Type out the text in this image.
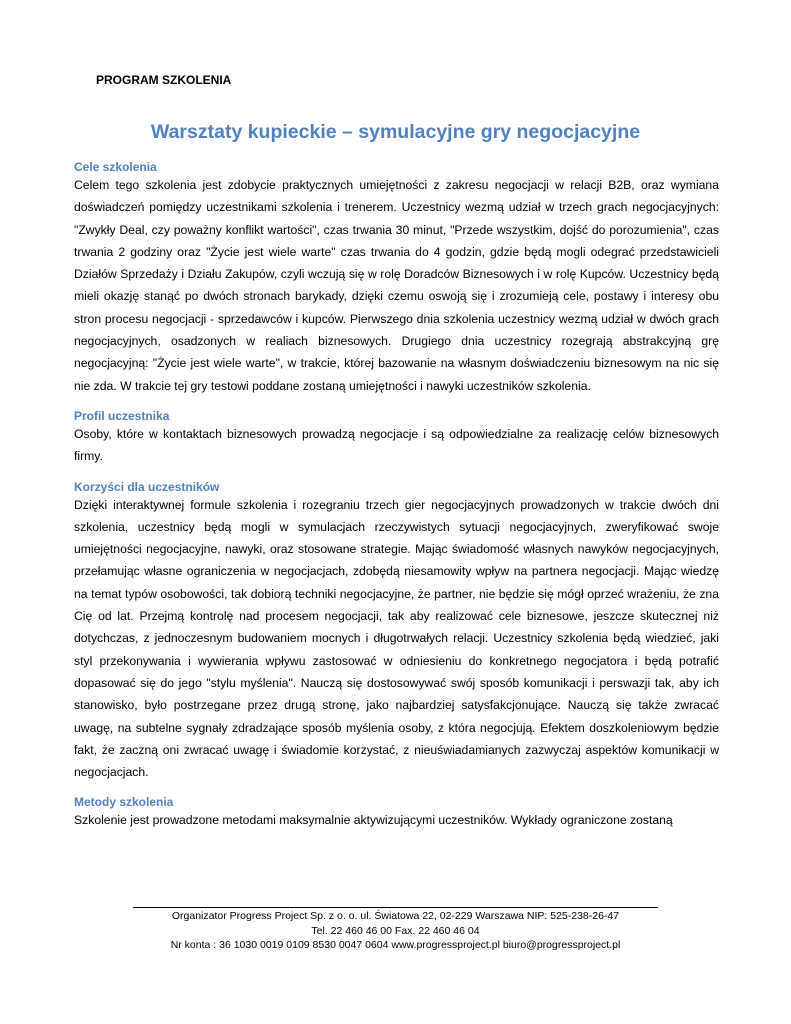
PROGRAM SZKOLENIA
Warsztaty kupieckie – symulacyjne gry negocjacyjne
Cele szkolenia

Celem tego szkolenia jest zdobycie praktycznych umiejętności z zakresu negocjacji w relacji B2B, oraz wymiana doświadczeń pomiędzy uczestnikami szkolenia i trenerem. Uczestnicy wezmą udział w trzech grach negocjacyjnych: "Zwykły Deal, czy poważny konflikt wartości", czas trwania 30 minut, "Przede wszystkim, dojść do porozumienia", czas trwania 2 godziny oraz "Życie jest wiele warte" czas trwania do 4 godzin, gdzie będą mogli odegrać przedstawicieli Działów Sprzedaży i Działu Zakupów, czyli wczują się w rolę Doradców Biznesowych i w rolę Kupców. Uczestnicy będą mieli okazję stanąć po dwóch stronach barykady, dzięki czemu oswoją się i zrozumieją cele, postawy i interesy obu stron procesu negocjacji - sprzedawców i kupców. Pierwszego dnia szkolenia uczestnicy wezmą udział w dwóch grach negocjacyjnych, osadzonych w realiach biznesowych. Drugiego dnia uczestnicy rozegrają abstrakcyjną grę negocjacyjną: "Życie jest wiele warte", w trakcie, której bazowanie na własnym doświadczeniu biznesowym na nic się nie zda. W trakcie tej gry testowi poddane zostaną umiejętności i nawyki uczestników szkolenia.

Profil uczestnika

Osoby, które w kontaktach biznesowych prowadzą negocjacje i są odpowiedzialne za realizację celów biznesowych firmy.

Korzyści dla uczestników

Dzięki interaktywnej formule szkolenia i rozegraniu trzech gier negocjacyjnych prowadzonych w trakcie dwóch dni szkolenia, uczestnicy będą mogli w symulacjach rzeczywistych sytuacji negocjacyjnych, zweryfikować swoje umiejętności negocjacyjne, nawyki, oraz stosowane strategie. Mając świadomość własnych nawyków negocjacyjnych, przełamując własne ograniczenia w negocjacjach, zdobędą niesamowity wpływ na partnera negocjacji. Mając wiedzę na temat typów osobowości, tak dobiorą techniki negocjacyjne, że partner, nie będzie się mógł oprzeć wrażeniu, że zna Cię od lat. Przejmą kontrolę nad procesem negocjacji, tak aby realizować cele biznesowe, jeszcze skutecznej niż dotychczas, z jednoczesnym budowaniem mocnych i długotrwałych relacji. Uczestnicy szkolenia będą wiedzieć, jaki styl przekonywania i wywierania wpływu zastosować w odniesieniu do konkretnego negocjatora i będą potrafić dopasować się do jego "stylu myślenia". Nauczą się dostosowywać swój sposób komunikacji i perswazji tak, aby ich stanowisko, było postrzegane przez drugą stronę, jako najbardziej satysfakcjonujące. Nauczą się także zwracać uwagę, na subtelne sygnały zdradzające sposób myślenia osoby, z która negocjują. Efektem doszkoleniowym będzie fakt, że zaczną oni zwracać uwagę i świadomie korzystać, z nieuświadamianych zazwyczaj aspektów komunikacji w negocjacjach.

Metody szkolenia

Szkolenie jest prowadzone metodami maksymalnie aktywizującymi uczestników. Wykłady ograniczone zostaną

Organizator Progress Project Sp. z o. o. ul. Światowa 22, 02-229 Warszawa NIP: 525-238-26-47
Tel. 22 460 46 00 Fax. 22 460 46 04
Nr konta : 36 1030 0019 0109 8530 0047 0604 www.progressproject.pl biuro@progressproject.pl
